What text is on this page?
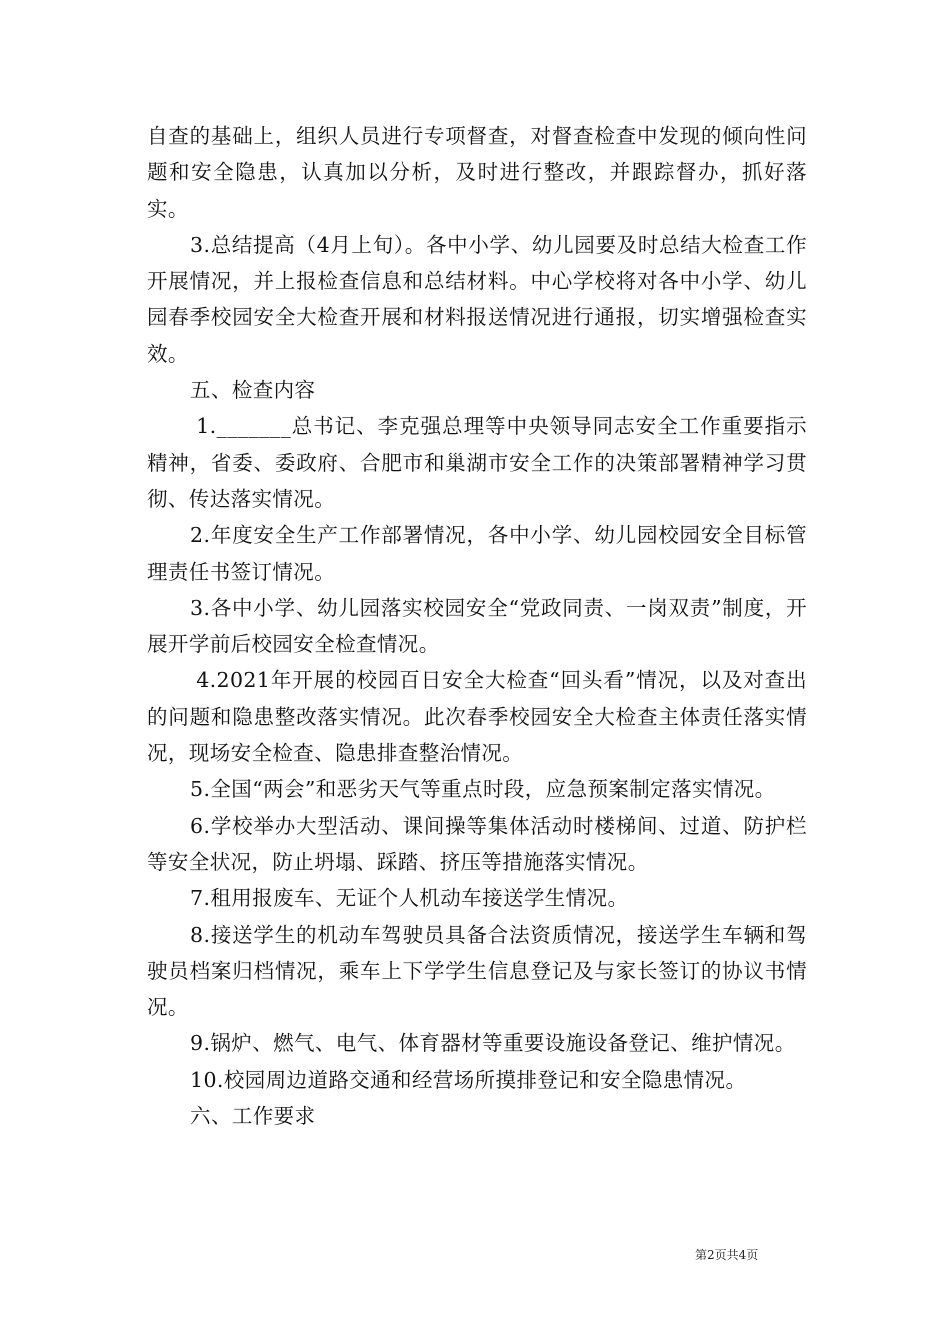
自查的基础上，组织人员进行专项督查，对督查检查中发现的倾向性问题和安全隐患，认真加以分析，及时进行整改，并跟踪督办，抓好落实。

3.总结提高（4月上旬）。各中小学、幼儿园要及时总结大检查工作开展情况，并上报检查信息和总结材料。中心学校将对各中小学、幼儿园春季校园安全大检查开展和材料报送情况进行通报，切实增强检查实效。

五、检查内容

1._______总书记、李克强总理等中央领导同志安全工作重要指示精神，省委、委政府、合肥市和巢湖市安全工作的决策部署精神学习贯彻、传达落实情况。

2.年度安全生产工作部署情况，各中小学、幼儿园校园安全目标管理责任书签订情况。

3.各中小学、幼儿园落实校园安全“党政同责、一岗双责”制度，开展开学前后校园安全检查情况。

4.2021年开展的校园百日安全大检查“回头看”情况，以及对查出的问题和隐患整改落实情况。此次春季校园安全大检查主体责任落实情况，现场安全检查、隐患排查整治情况。

5.全国“两会”和恶劣天气等重点时段，应急预案制定落实情况。

6.学校举办大型活动、课间操等集体活动时楼梯间、过道、防护栏等安全状况，防止坍塌、踩踏、挤压等措施落实情况。

7.租用报废车、无证个人机动车接送学生情况。

8.接送学生的机动车驾驶员具备合法资质情况，接送学生车辆和驾驶员档案归档情况，乘车上下学学生信息登记及与家长签订的协议书情况。

9.锅炉、燃气、电气、体育器材等重要设施设备登记、维护情况。

10.校园周边道路交通和经营场所摸排登记和安全隐患情况。

六、工作要求

第2页共4页
